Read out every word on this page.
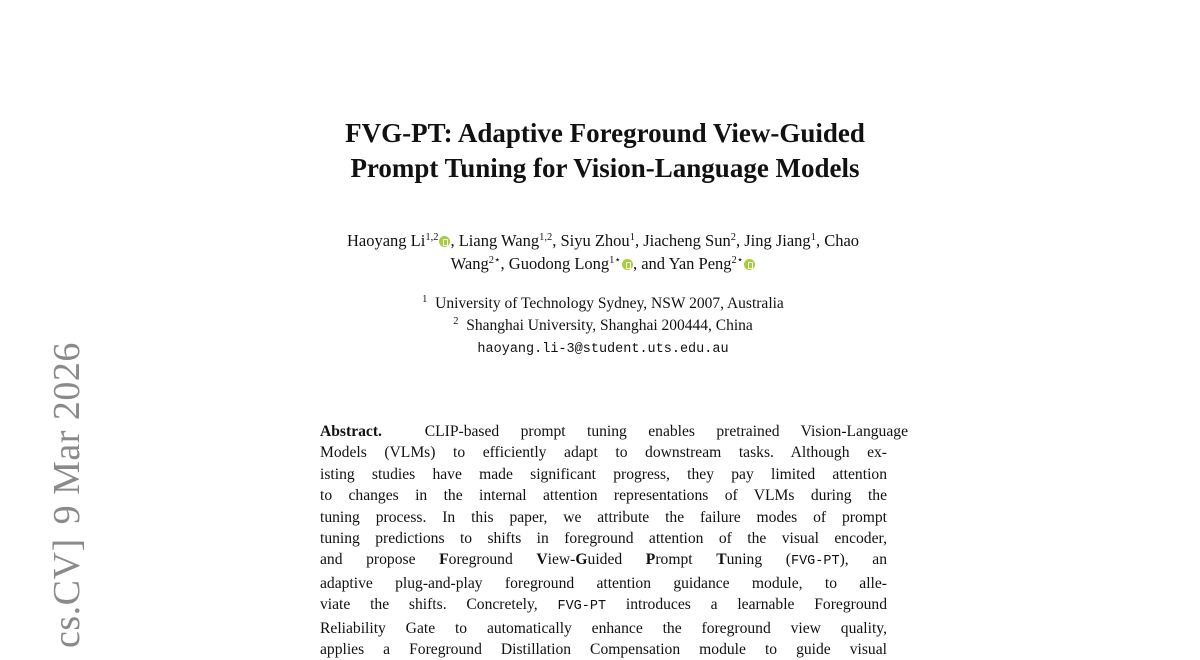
cs.CV]9 Mar 2026
FVG-PT: Adaptive Foreground View-Guided
Prompt Tuning for Vision-Language Models
Haoyang Li$^{1,2}$ , Liang Wang$^{1,2}$, Siyu Zhou$^1$, Jiacheng Sun$^2$, Jing Jiang$^1$, Chao
Wang$^{2⋆}$, Guodong Long$^{1⋆}$ , and Yan Peng$^{2⋆}$
$^1$ University of Technology Sydney, NSW 2007, Australia
$^2$ Shanghai University, Shanghai 200444, China
haoyang.li-3@student.uts.edu.au
Abstract.	CLIP-based prompt tuning enables pretrained Vision-Language
Models (VLMs) to efficiently adapt to downstream tasks. Although ex-
isting studies have made significant progress, they pay limited attention
to changes in the internal attention representations of VLMs during the
tuning process. In this paper, we attribute the failure modes of prompt
tuning predictions to shifts in foreground attention of the visual encoder,
and propose Foreground View-Guided Prompt Tuning (FVG-PT), an
adaptive plug-and-play foreground attention guidance module, to alle-
viate the shifts. Concretely, FVG-PT introduces a learnable Foreground
Reliability Gate to automatically enhance the foreground view quality,
applies a Foreground Distillation Compensation module to guide visual
